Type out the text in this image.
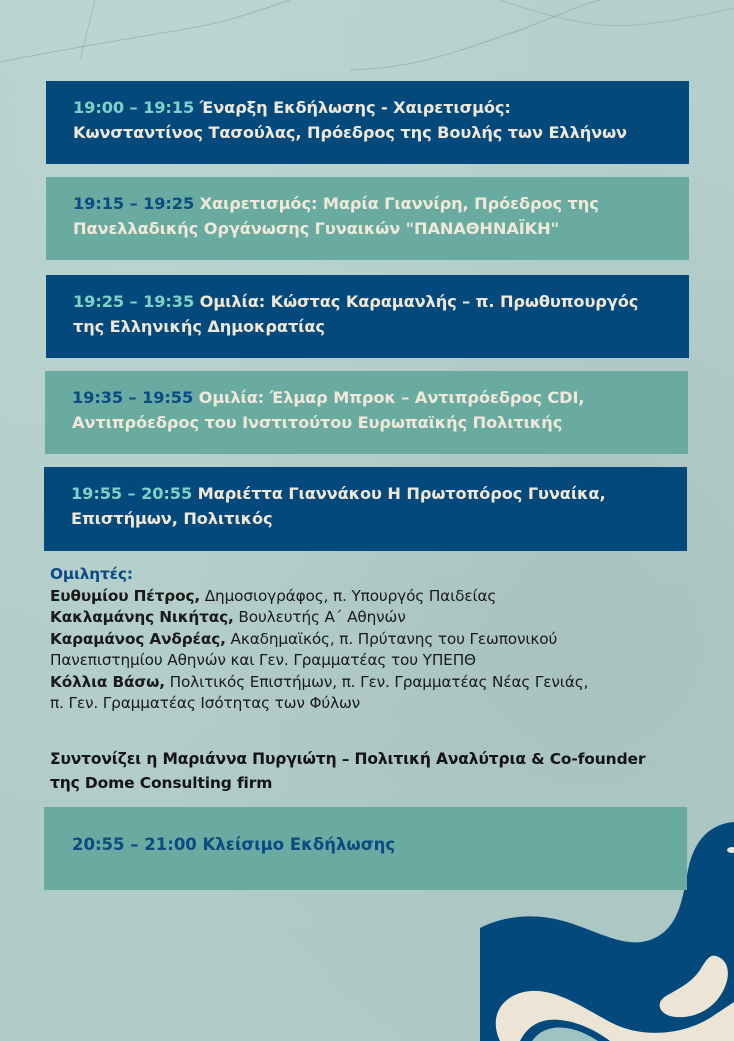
19:00 – 19:15 Έναρξη Εκδήλωσης - Χαιρετισμός:
Κωνσταντίνος Τασούλας, Πρόεδρος της Βουλής των Ελλήνων
19:15 – 19:25 Χαιρετισμός: Μαρία Γιαννίρη, Πρόεδρος της
Πανελλαδικής Οργάνωσης Γυναικών "ΠΑΝΑΘΗΝΑΪΚΗ"
19:25 – 19:35 Ομιλία: Κώστας Καραμανλής – π. Πρωθυπουργός
της Ελληνικής Δημοκρατίας
19:35 – 19:55 Ομιλία: Έλμαρ Μπροκ – Αντιπρόεδρος CDI,
Αντιπρόεδρος του Ινστιτούτου Ευρωπαϊκής Πολιτικής
19:55 – 20:55 Μαριέττα Γιαννάκου Η Πρωτοπόρος Γυναίκα,
Επιστήμων, Πολιτικός
Ομιλητές:
Ευθυμίου Πέτρος, Δημοσιογράφος, π. Υπουργός Παιδείας
Κακλαμάνης Νικήτας, Βουλευτής Α΄ Αθηνών
Καραμάνος Ανδρέας, Ακαδημαϊκός, π. Πρύτανης του Γεωπονικού
Πανεπιστημίου Αθηνών και Γεν. Γραμματέας του ΥΠΕΠΘ
Κόλλια Βάσω, Πολιτικός Επιστήμων, π. Γεν. Γραμματέας Νέας Γενιάς,
π. Γεν. Γραμματέας Ισότητας των Φύλων
Συντονίζει η Μαριάννα Πυργιώτη – Πολιτική Αναλύτρια & Co-founder
της Dome Consulting firm
20:55 – 21:00 Κλείσιμο Εκδήλωσης
